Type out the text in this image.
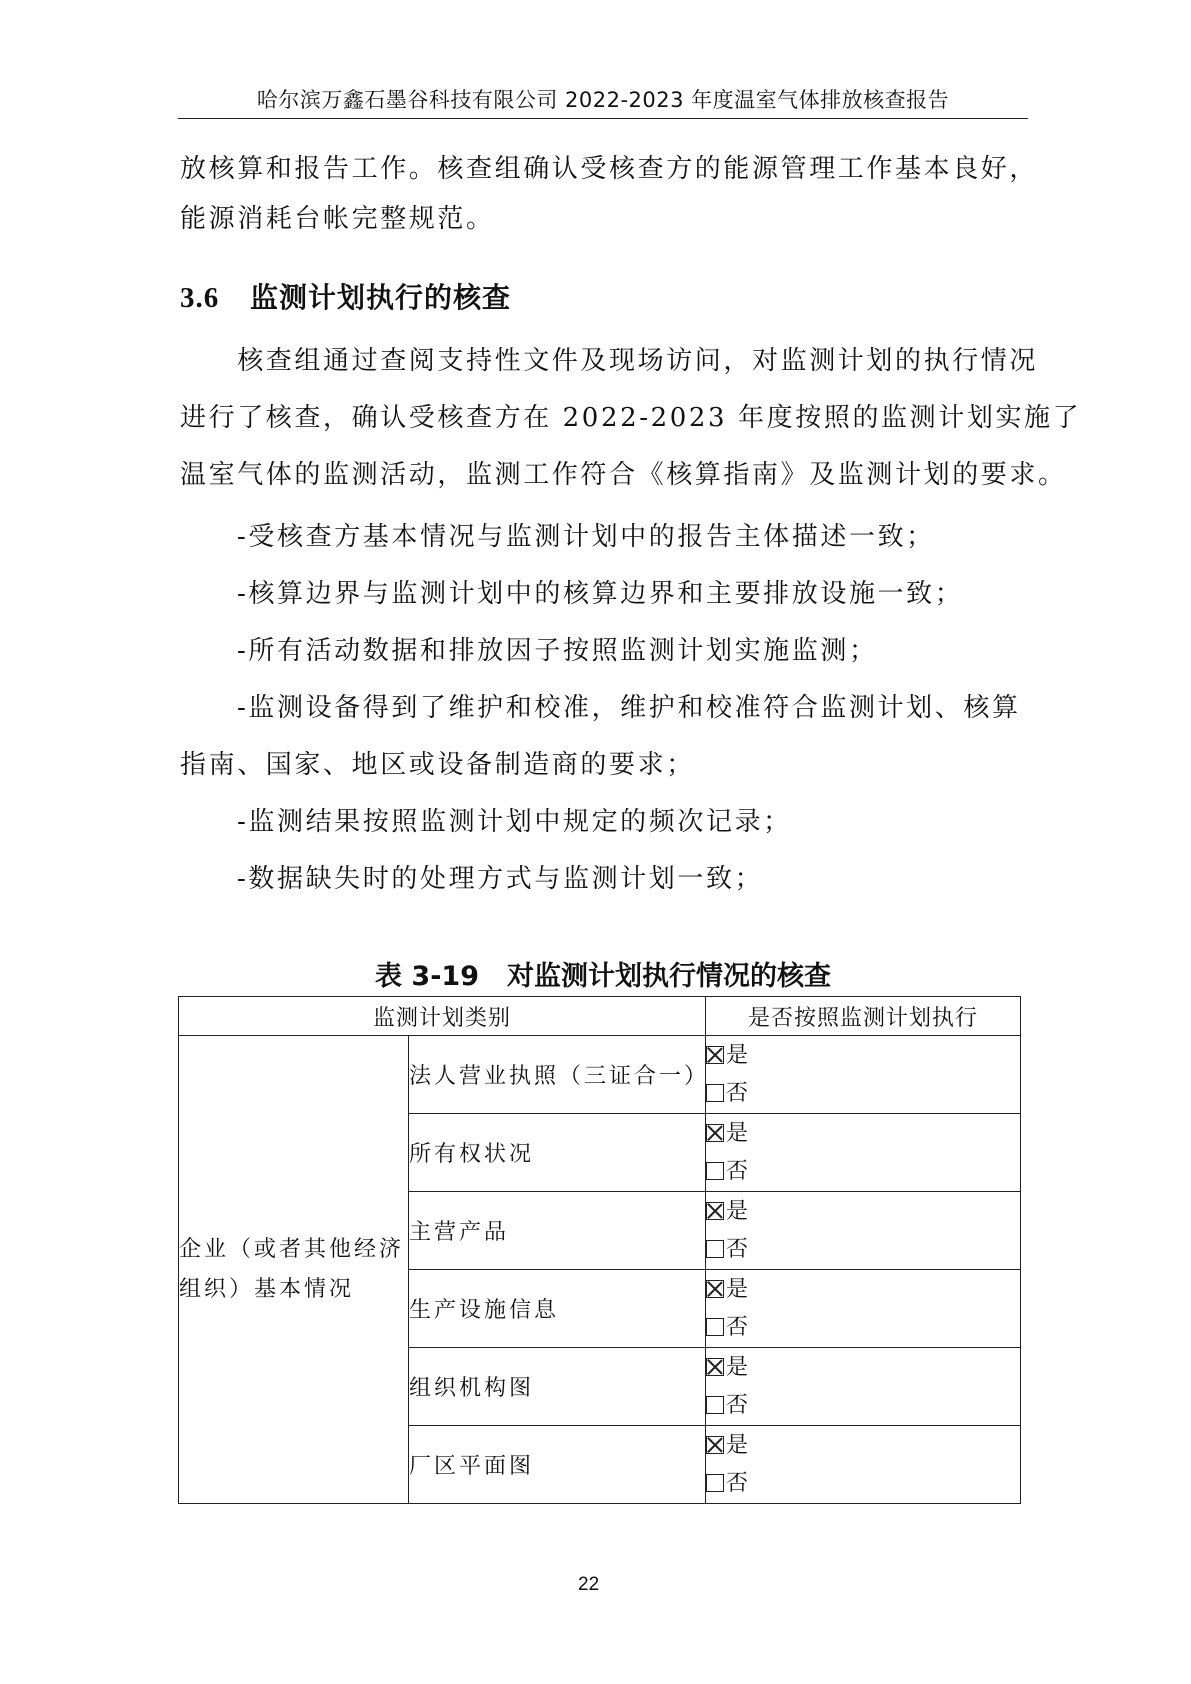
哈尔滨万鑫石墨谷科技有限公司 2022-2023 年度温室气体排放核查报告
放核算和报告工作。核查组确认受核查方的能源管理工作基本良好，
能源消耗台帐完整规范。
3.6 监测计划执行的核查
　　核查组通过查阅支持性文件及现场访问，对监测计划的执行情况
进行了核查，确认受核查方在 2022-2023 年度按照的监测计划实施了
温室气体的监测活动，监测工作符合《核算指南》及监测计划的要求。
-受核查方基本情况与监测计划中的报告主体描述一致；
-核算边界与监测计划中的核算边界和主要排放设施一致；
-所有活动数据和排放因子按照监测计划实施监测；
-监测设备得到了维护和校准，维护和校准符合监测计划、核算
指南、国家、地区或设备制造商的要求；
-监测结果按照监测计划中规定的频次记录；
-数据缺失时的处理方式与监测计划一致；
表 3-19 对监测计划执行情况的核查
监测计划类别		是否按照监测计划执行
企业（或者其他经济组织）基本情况	法人营业执照（三证合一）	是
否

	所有权状况	是
否

	主营产品	是
否

	生产设施信息	是
否

	组织机构图	是
否

	厂区平面图	是
否
22
